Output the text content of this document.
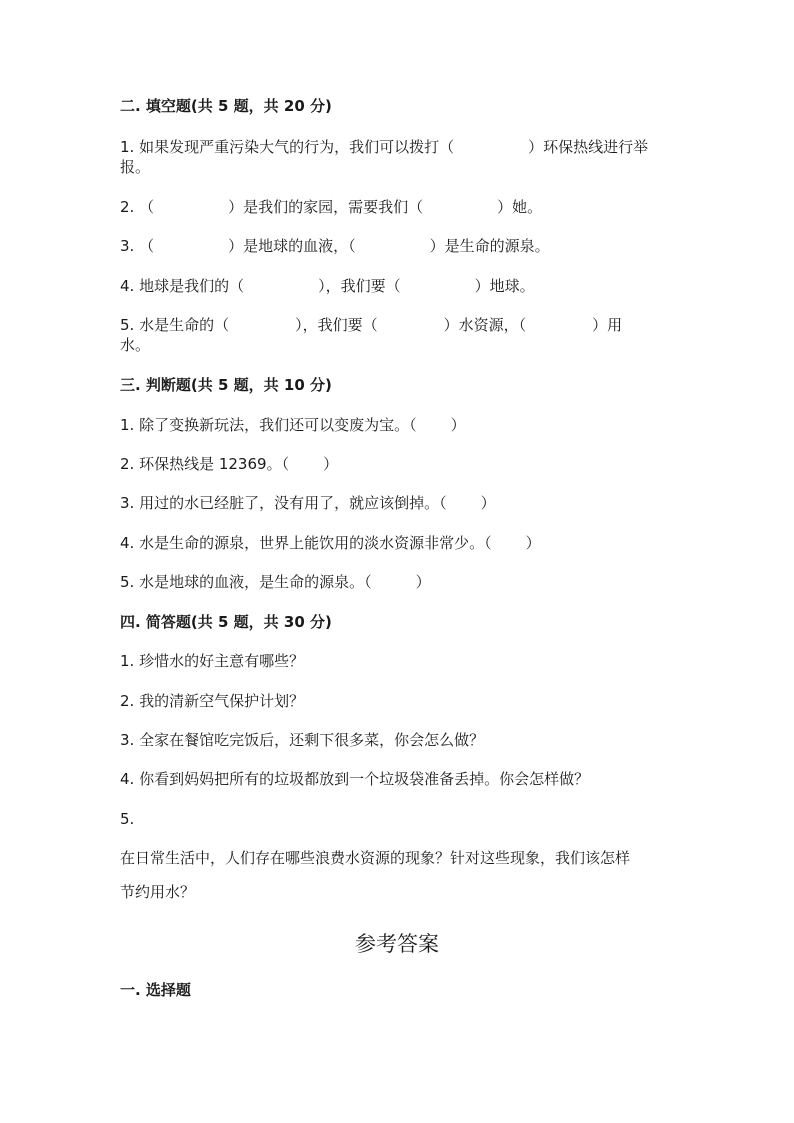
二. 填空题(共 5 题，共 20 分)
1. 如果发现严重污染大气的行为，我们可以拨打（	）环保热线进行举
报。
2. （	）是我们的家园，需要我们（	）她。
3. （	）是地球的血液，（	）是生命的源泉。
4. 地球是我们的（	），我们要（	）地球。
5. 水是生命的（	），我们要（	）水资源，（	）用
水。
三. 判断题(共 5 题，共 10 分)
1. 除了变换新玩法，我们还可以变废为宝。（ ）
2. 环保热线是 12369。（ ）
3. 用过的水已经脏了，没有用了，就应该倒掉。（ ）
4. 水是生命的源泉，世界上能饮用的淡水资源非常少。（ ）
5. 水是地球的血液，是生命的源泉。（	）
四. 简答题(共 5 题，共 30 分)
1. 珍惜水的好主意有哪些？
2. 我的清新空气保护计划？
3. 全家在餐馆吃完饭后，还剩下很多菜，你会怎么做？
4. 你看到妈妈把所有的垃圾都放到一个垃圾袋准备丢掉。你会怎样做？
5.
在日常生活中，人们存在哪些浪费水资源的现象？针对这些现象，我们该怎样
节约用水？
参考答案
一. 选择题
